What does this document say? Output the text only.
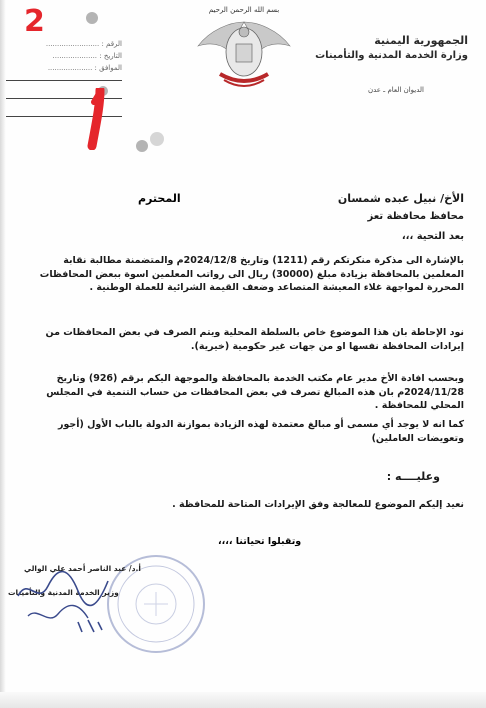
2
الرقم : ........................
التاريخ : ....................
الموافق : ....................
بسم الله الرحمن الرحيم
الجمهورية اليمنية
وزارة الخدمة المدنية والتأمينات
الديوان العام ـ عدن
الأخ/ نبيل عبده شمسان
المحترم
محافظ محافظة تعز
بعد التحية ،،،
بالإشارة الى مذكرة منكرتكم رقم (1211) وتاريخ 2024/12/8م والمتضمنة مطالبة نقابة المعلمين بالمحافظة بزيادة مبلغ (30000) ريال الى رواتب المعلمين اسوة ببعض المحافظات المحررة لمواجهة غلاء المعيشة المتصاعد وضعف القيمة الشرائية للعملة الوطنية .
نود الإحاطة بان هذا الموضوع خاص بالسلطة المحلية ويتم الصرف في بعض المحافظات من إيرادات المحافظة نفسها او من جهات غير حكومية (خيرية).
وبحسب افادة الأخ مدير عام مكتب الخدمة بالمحافظة والموجهة اليكم برقم (926) وتاريخ 2024/11/28م بان هذه المبالغ تصرف في بعض المحافظات من حساب التنمية في المجلس المحلي للمحافظة .
كما انه لا يوجد أي مسمى أو مبالغ معتمدة لهذه الزيادة بموازنة الدولة بالباب الأول (أجور وتعويضات العاملين)
وعليــــه :
نعيد إليكم الموضوع للمعالجة وفق الإيرادات المتاحة للمحافظة .
وتقبلوا تحياتنا ،،،،
أ.د/ عبد الناصر أحمد علي الوالي
وزير الخدمة المدنية والتأمينات
